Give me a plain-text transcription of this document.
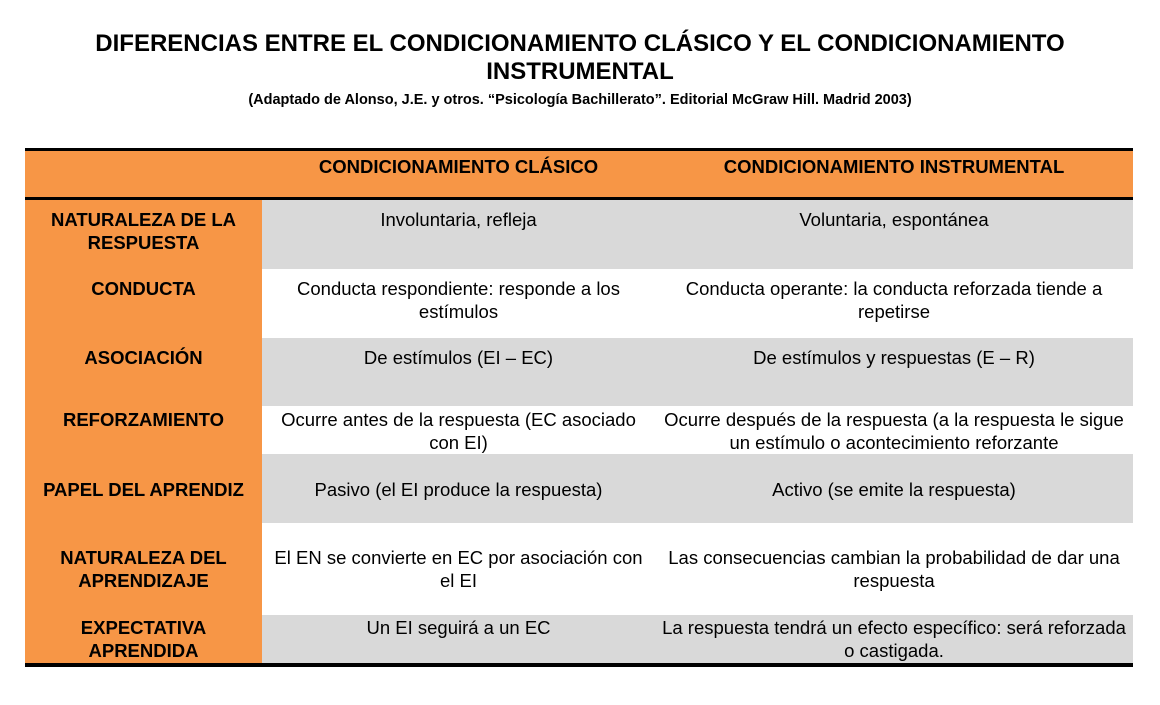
DIFERENCIAS ENTRE EL CONDICIONAMIENTO CLÁSICO Y EL CONDICIONAMIENTO INSTRUMENTAL
(Adaptado de Alonso, J.E. y otros. “Psicología Bachillerato”. Editorial McGraw Hill. Madrid 2003)
	CONDICIONAMIENTO CLÁSICO	CONDICIONAMIENTO INSTRUMENTAL
NATURALEZA DE LA RESPUESTA	Involuntaria, refleja	Voluntaria, espontánea
CONDUCTA	Conducta respondiente: responde a los estímulos	Conducta operante: la conducta reforzada tiende a repetirse
ASOCIACIÓN	De estímulos (EI – EC)	De estímulos y respuestas (E – R)
REFORZAMIENTO	Ocurre antes de la respuesta (EC asociado con EI)	Ocurre después de la respuesta (a la respuesta le sigue un estímulo o acontecimiento reforzante
PAPEL DEL APRENDIZ	Pasivo (el EI produce la respuesta)	Activo (se emite la respuesta)
NATURALEZA DEL APRENDIZAJE	El EN se convierte en EC por asociación con el EI	Las consecuencias cambian la probabilidad de dar una respuesta
EXPECTATIVA APRENDIDA	Un EI seguirá a un EC	La respuesta tendrá un efecto específico: será reforzada o castigada.
